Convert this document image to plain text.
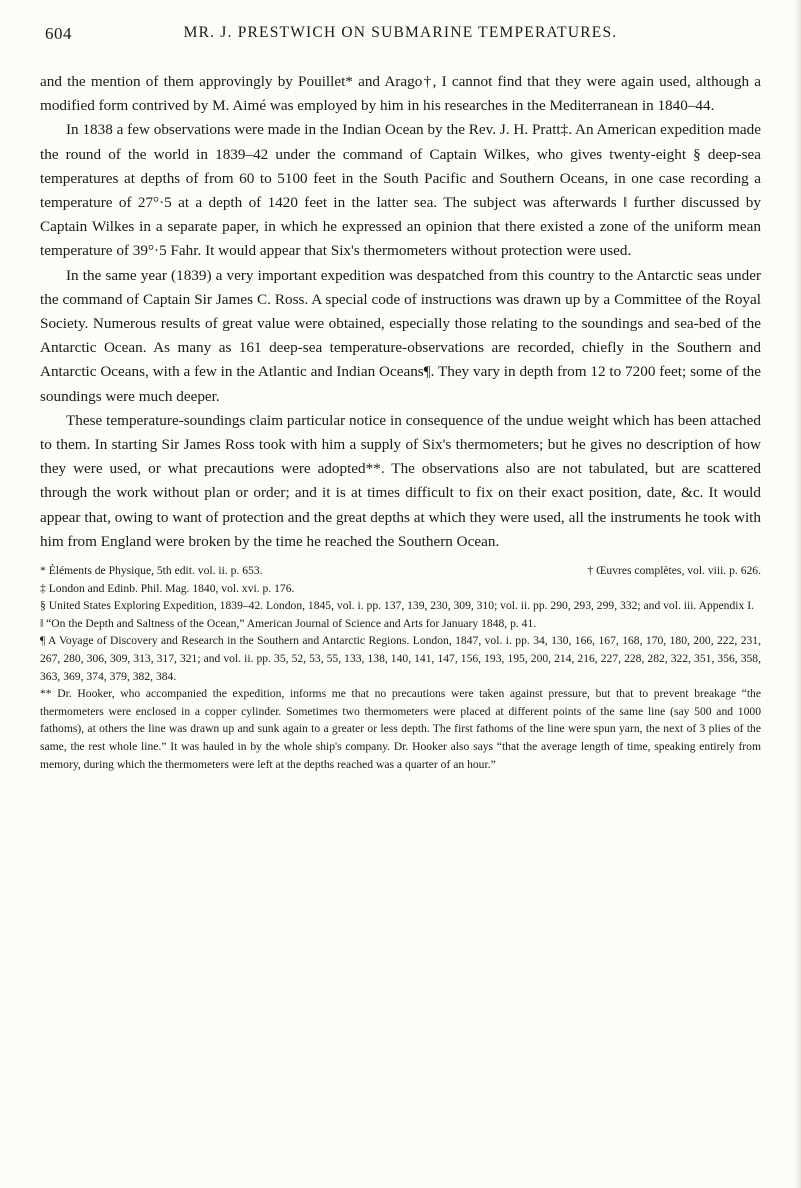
604	MR. J. PRESTWICH ON SUBMARINE TEMPERATURES.

and the mention of them approvingly by Pouillet* and Arago†, I cannot find that they were again used, although a modified form contrived by M. Aimé was employed by him in his researches in the Mediterranean in 1840–44.

In 1838 a few observations were made in the Indian Ocean by the Rev. J. H. Pratt‡. An American expedition made the round of the world in 1839–42 under the command of Captain Wilkes, who gives twenty-eight § deep-sea temperatures at depths of from 60 to 5100 feet in the South Pacific and Southern Oceans, in one case recording a temperature of 27°·5 at a depth of 1420 feet in the latter sea. The subject was afterwards ‖ further discussed by Captain Wilkes in a separate paper, in which he expressed an opinion that there existed a zone of the uniform mean temperature of 39°·5 Fahr. It would appear that Six's thermometers without protection were used.

In the same year (1839) a very important expedition was despatched from this country to the Antarctic seas under the command of Captain Sir James C. Ross. A special code of instructions was drawn up by a Committee of the Royal Society. Numerous results of great value were obtained, especially those relating to the soundings and sea-bed of the Antarctic Ocean. As many as 161 deep-sea temperature-observations are recorded, chiefly in the Southern and Antarctic Oceans, with a few in the Atlantic and Indian Oceans¶. They vary in depth from 12 to 7200 feet; some of the soundings were much deeper.

These temperature-soundings claim particular notice in consequence of the undue weight which has been attached to them. In starting Sir James Ross took with him a supply of Six's thermometers; but he gives no description of how they were used, or what precautions were adopted**. The observations also are not tabulated, but are scattered through the work without plan or order; and it is at times difficult to fix on their exact position, date, &c. It would appear that, owing to want of protection and the great depths at which they were used, all the instruments he took with him from England were broken by the time he reached the Southern Ocean.

* Éléments de Physique, 5th edit. vol. ii. p. 653.	† Œuvres complètes, vol. viii. p. 626.

‡ London and Edinb. Phil. Mag. 1840, vol. xvi. p. 176.

§ United States Exploring Expedition, 1839–42. London, 1845, vol. i. pp. 137, 139, 230, 309, 310; vol. ii. pp. 290, 293, 299, 332; and vol. iii. Appendix I.

‖ “On the Depth and Saltness of the Ocean,” American Journal of Science and Arts for January 1848, p. 41.

¶ A Voyage of Discovery and Research in the Southern and Antarctic Regions. London, 1847, vol. i. pp. 34, 130, 166, 167, 168, 170, 180, 200, 222, 231, 267, 280, 306, 309, 313, 317, 321; and vol. ii. pp. 35, 52, 53, 55, 133, 138, 140, 141, 147, 156, 193, 195, 200, 214, 216, 227, 228, 282, 322, 351, 356, 358, 363, 369, 374, 379, 382, 384.

** Dr. Hooker, who accompanied the expedition, informs me that no precautions were taken against pressure, but that to prevent breakage “the thermometers were enclosed in a copper cylinder. Sometimes two thermometers were placed at different points of the same line (say 500 and 1000 fathoms), at others the line was drawn up and sunk again to a greater or less depth. The first fathoms of the line were spun yarn, the next of 3 plies of the same, the rest whole line.” It was hauled in by the whole ship's company. Dr. Hooker also says “that the average length of time, speaking entirely from memory, during which the thermometers were left at the depths reached was a quarter of an hour.”
